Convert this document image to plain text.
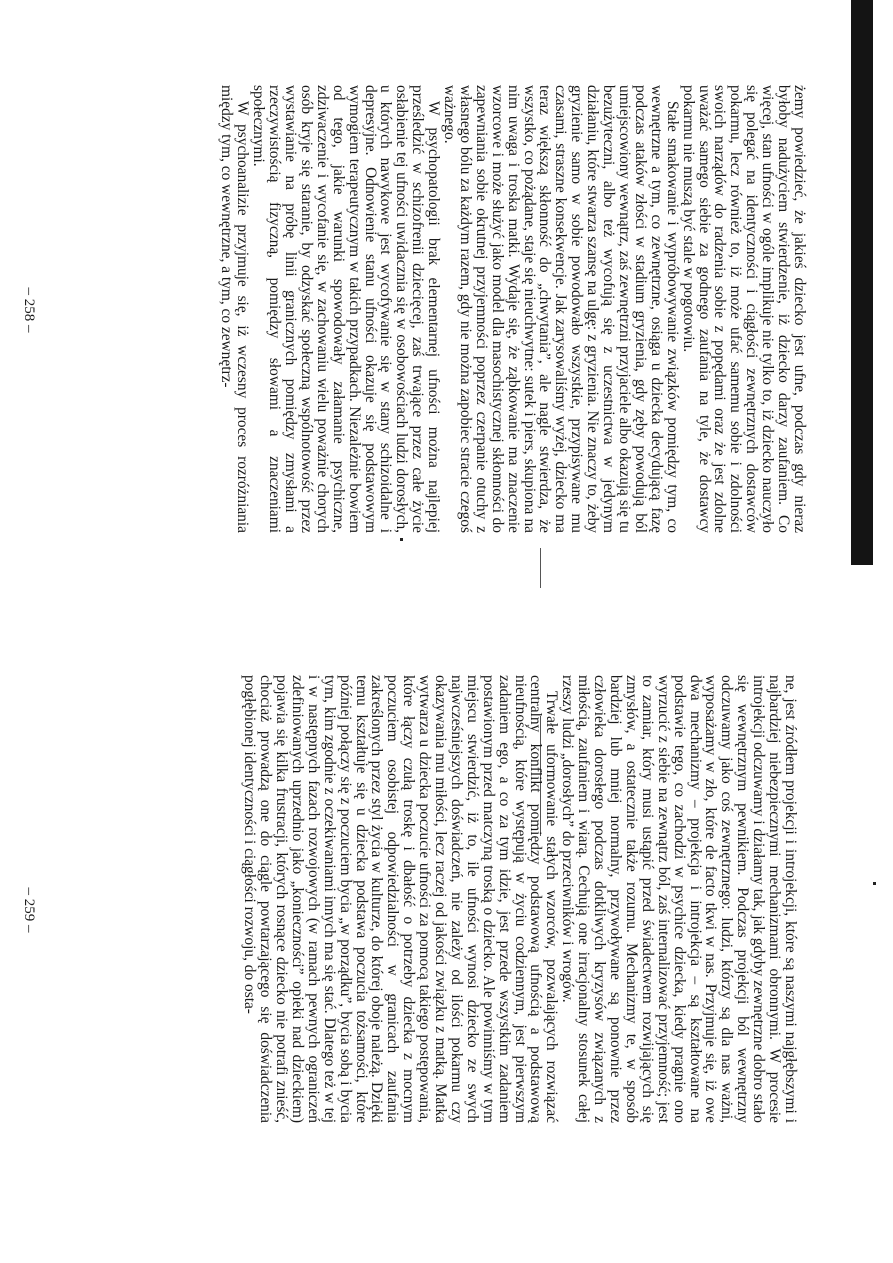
żemy powiedzieć, że jakieś dziecko jest ufne, podczas gdy nieraz byłoby nadużyciem stwierdzenie, iż dziecko darzy zaufaniem. Co więcej, stan ufności w ogóle implikuje nie tylko to, iż dziecko nauczyło się polegać na identyczności i ciągłości zewnętrznych dostawców pokarmu, lecz również to, iż może ufać samemu sobie i zdolności swoich narządów do radzenia sobie z popędami oraz że jest zdolne uważać samego siebie za godnego zaufania na tyle, że dostawcy pokarmu nie muszą być stale w pogotowiu.

Stałe smakowanie i wypróbowywanie związków pomiędzy tym, co wewnętrzne a tym, co zewnętrzne, osiąga u dziecka decydującą fazę podczas ataków złości w stadium gryzienia, gdy zęby powodują ból umiejscowiony wewnątrz, zaś zewnętrzni przyjaciele albo okazują się tu bezużyteczni, albo też wycofują się z uczestnictwa w jedynym działaniu, które stwarza szansę na ulgę: z gryzienia. Nie znaczy to, żeby gryzienie samo w sobie powodowało wszystkie, przypisywane mu czasami, straszne konsekwencje. Jak zarysowaliśmy wyżej, dziecko ma teraz większą skłonność do „chwytania”, ale nagle stwierdza, że wszystko, co pożądane, staje się nieuchwytne: sutek i piers, skupiona na nim uwaga i troska matki. Wydaje się, że ząbkowanie ma znaczenie wzorcowe i może służyć jako model dla masochistycznej skłonności do zapewniania sobie okrutnej przyjemności poprzez czerpanie otuchy z własnego bólu za każdym razem, gdy nie można zapobiec stracie czegoś ważnego.

W psychopatologii brak elementarnej ufności można najlepiej prześledzić w schizofrenii dziecięcej, zaś trwające przez całe życie osłabienie tej ufności uwidacznia się w osobowościach ludzi dorosłych, u których nawykowe jest wycofywanie się w stany schizoidalne i depresyjne. Odnowienie stanu ufności okazuje się podstawowym wymogiem terapeutycznym w takich przypadkach. Niezależnie bowiem od tego, jakie warunki spowodowały załamanie psychiczne, zdziwaczenie i wycofanie się, w zachowaniu wielu poważnie chorych osób kryje się staranie, by odzyskać społeczną wspólnotowość przez wystawianie na próbę linii granicznych pomiędzy zmysłami a rzeczywistością fizyczną, pomiędzy słowami a znaczeniami społecznymi.

W psychoanalizie przyjmuje się, iż wczesny proces rozróżniania między tym, co wewnętrzne, a tym, co zewnętrz-

– 258 –

ne, jest źródłem projekcji i introjekcji, które są naszymi najgłębszymi i najbardziej niebezpiecznymi mechanizmami obronnymi. W procesie introjekcji odczuwamy i działamy tak, jak gdyby zewnętrzne dobro stało się wewnętrznym pewnikiem. Podczas projekcji ból wewnętrzny odczuwamy jako coś zewnętrznego: ludzi, którzy są dla nas ważni, wyposażamy w zło, które de facto tkwi w nas. Przyjmuje się, iż owe dwa mechanizmy – projekcja i introjekcja – są kształtowane na podstawie tego, co zachodzi w psychice dziecka, kiedy pragnie ono wyrzucić z siebie na zewnątrz ból, zaś internalizować przyjemność; jest to zamiar, który musi ustąpić przed świadectwem rozwijających się zmysłów, a ostatecznie także rozumu. Mechanizmy te, w sposób bardziej lub mniej normalny, przywoływane są ponownie przez człowieka dorosłego podczas dotkliwych kryzysów związanych z miłością, zaufaniem i wiarą. Cechują one irracjonalny stosunek całej rzeszy ludzi „dorosłych” do przeciwników i wrogów.

Trwałe uformowanie stałych wzorców, pozwalających rozwiązać centralny konflikt pomiędzy podstawową ufnością a podstawową nieufnością, które występują w życiu codziennym, jest pierwszym zadaniem ego, a co za tym idzie, jest przede wszystkim zadaniem postawionym przed matczyną troską o dziecko. Ale powinniśmy w tym miejscu stwierdzić, iż to, ile ufności wynosi dziecko ze swych najwcześniejszych doświadczeń, nie zależy od ilości pokarmu czy okazywania mu miłości, lecz raczej od jakości związku z matką. Matka wytwarza u dziecka poczucie ufności za pomocą takiego postępowania, które łączy czułą troskę i dbałość o potrzeby dziecka z mocnym poczuciem osobistej odpowiedzialności w granicach zaufania zakreślonych przez styl życia w kulturze, do której oboje należą. Dzięki temu kształtuje się u dziecka podstawa poczucia tożsamości, które później połączy się z poczuciem bycia „w porządku”, bycia sobą i bycia tym, kim zgodnie z oczekiwaniami innych ma się stać. Dlatego też w tej i w następnych fazach rozwojowych (w ramach pewnych ograniczeń zdefiniowanych uprzednio jako „konieczności” opieki nad dzieckiem) pojawia się kilka frustracji, których rosnące dziecko nie potrafi znieść, chociaż prowadzą one do ciągle powtarzającego się doświadczenia pogłębionej identyczności i ciągłości rozwoju, do osta-

– 259 –
